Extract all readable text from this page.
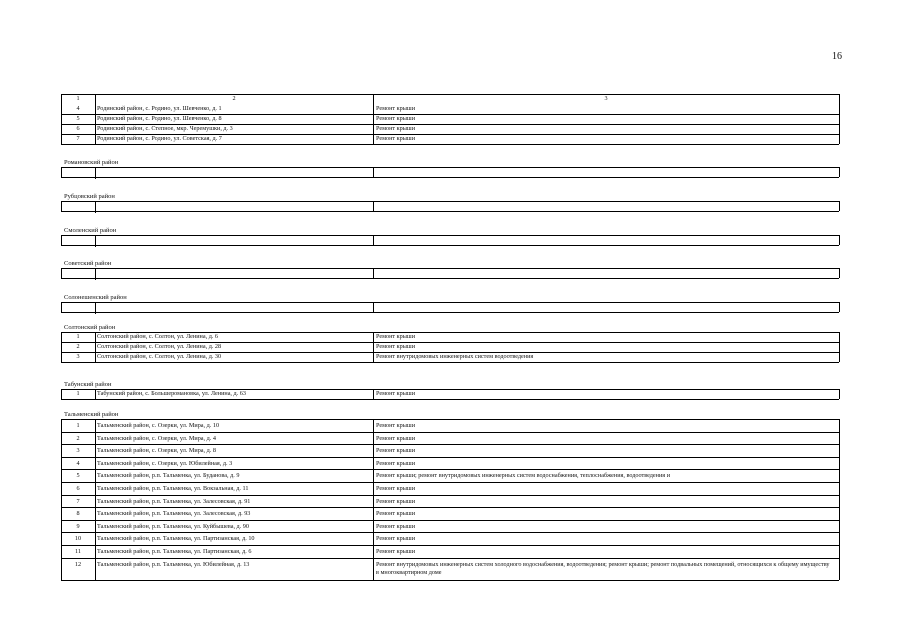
16
1	2	3
4	Родинский район, с. Родино, ул. Шевченко, д. 1	Ремонт крыши
5	Родинский район, с. Родино, ул. Шевченко, д. 8	Ремонт крыши
6	Родинский район, с. Степное, мкр. Черемушки, д. 3	Ремонт крыши
7	Родинский район, с. Родино, ул. Советская, д. 7	Ремонт крыши
Романовский район
Рубцовский район
Смоленский район
Советский район
Солонешенский район
Солтонский район
1	Солтонский район, с. Солтон, ул. Ленина, д. 6	Ремонт крыши
2	Солтонский район, с. Солтон, ул. Ленина, д. 28	Ремонт крыши
3	Солтонский район, с. Солтон, ул. Ленина, д. 30	Ремонт внутридомовых инженерных систем водоотведения
Табунский район
1	Табунский район, с. Большеромановка, ул. Ленина, д. 63	Ремонт крыши
Тальменский район
1	Тальменский район, с. Озерки, ул. Мира, д. 10	Ремонт крыши
2	Тальменский район, с. Озерки, ул. Мира, д. 4	Ремонт крыши
3	Тальменский район, с. Озерки, ул. Мира, д. 8	Ремонт крыши
4	Тальменский район, с. Озерки, ул. Юбилейная, д. 3	Ремонт крыши
5	Тальменский район, р.п. Тальменка, ул. Буданова, д. 9	Ремонт крыши; ремонт внутридомовых инженерных систем водоснабжения, теплоснабжения, водоотведения и
6	Тальменский район, р.п. Тальменка, ул. Вокзальная, д. 11	Ремонт крыши
7	Тальменский район, р.п. Тальменка, ул. Залесовская, д. 91	Ремонт крыши
8	Тальменский район, р.п. Тальменка, ул. Залесовская, д. 93	Ремонт крыши
9	Тальменский район, р.п. Тальменка, ул. Куйбышева, д. 90	Ремонт крыши
10	Тальменский район, р.п. Тальменка, ул. Партизанская, д. 10	Ремонт крыши
11	Тальменский район, р.п. Тальменка, ул. Партизанская, д. 6	Ремонт крыши
12	Тальменский район, р.п. Тальменка, ул. Юбилейная, д. 13	Ремонт внутридомовых инженерных систем холодного водоснабжения, водоотведения; ремонт крыши; ремонт подвальных помещений, относящихся к общему имуществу в многоквартирном доме
